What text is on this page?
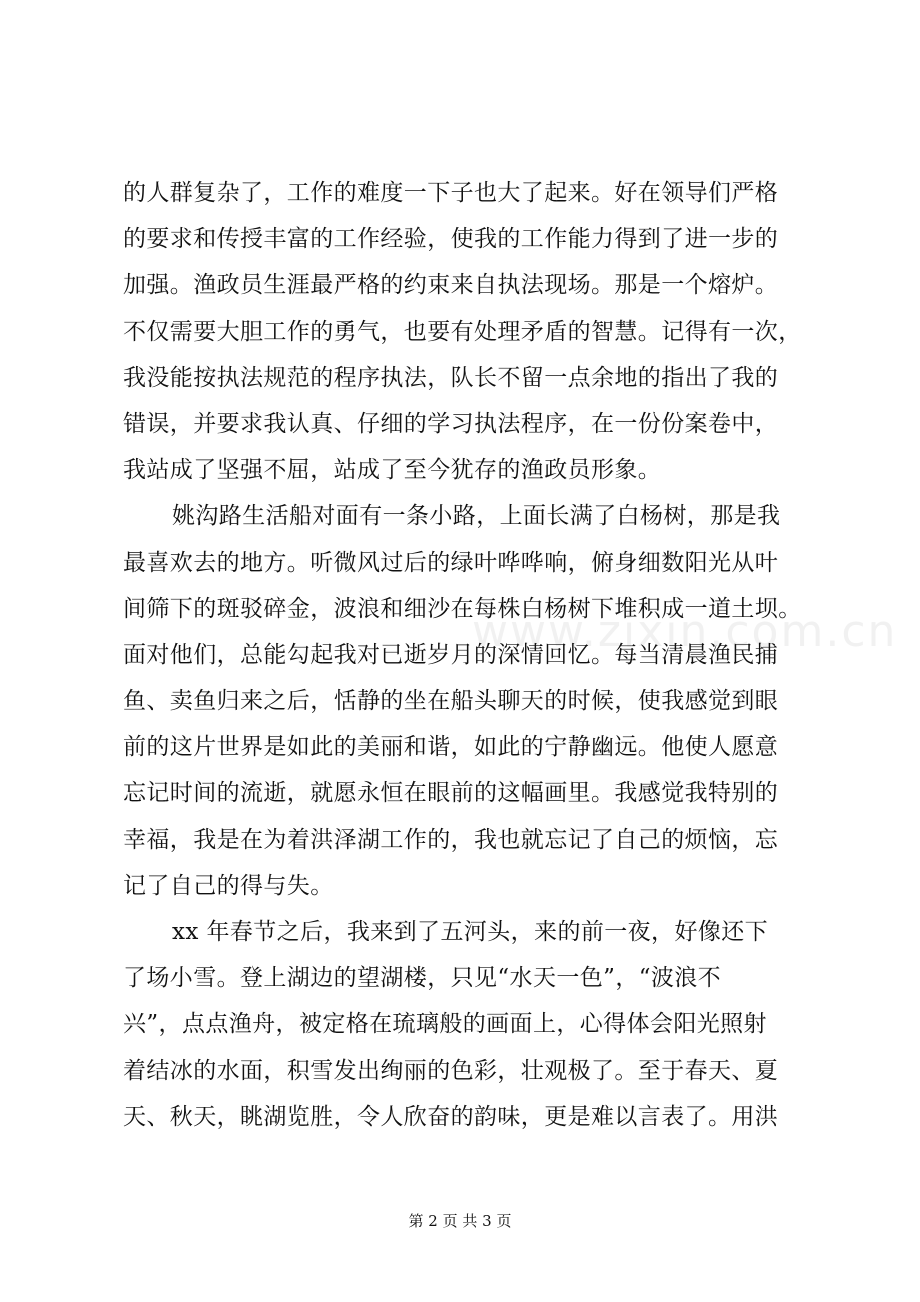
www.zixin.com.cn
的人群复杂了，工作的难度一下子也大了起来。好在领导们严格
的要求和传授丰富的工作经验，使我的工作能力得到了进一步的
加强。渔政员生涯最严格的约束来自执法现场。那是一个熔炉。
不仅需要大胆工作的勇气，也要有处理矛盾的智慧。记得有一次，
我没能按执法规范的程序执法，队长不留一点余地的指出了我的
错误，并要求我认真、仔细的学习执法程序，在一份份案卷中，
我站成了坚强不屈，站成了至今犹存的渔政员形象。
姚沟路生活船对面有一条小路，上面长满了白杨树，那是我
最喜欢去的地方。听微风过后的绿叶哗哗响，俯身细数阳光从叶
间筛下的斑驳碎金，波浪和细沙在每株白杨树下堆积成一道土坝。
面对他们，总能勾起我对已逝岁月的深情回忆。每当清晨渔民捕
鱼、卖鱼归来之后，恬静的坐在船头聊天的时候，使我感觉到眼
前的这片世界是如此的美丽和谐，如此的宁静幽远。他使人愿意
忘记时间的流逝，就愿永恒在眼前的这幅画里。我感觉我特别的
幸福，我是在为着洪泽湖工作的，我也就忘记了自己的烦恼，忘
记了自己的得与失。
xx 年春节之后，我来到了五河头，来的前一夜，好像还下
了场小雪。登上湖边的望湖楼，只见“水天一色”，“波浪不
兴”，点点渔舟，被定格在琉璃般的画面上，心得体会阳光照射
着结冰的水面，积雪发出绚丽的色彩，壮观极了。至于春天、夏
天、秋天，眺湖览胜，令人欣奋的韵味，更是难以言表了。用洪
第 2 页 共 3 页
